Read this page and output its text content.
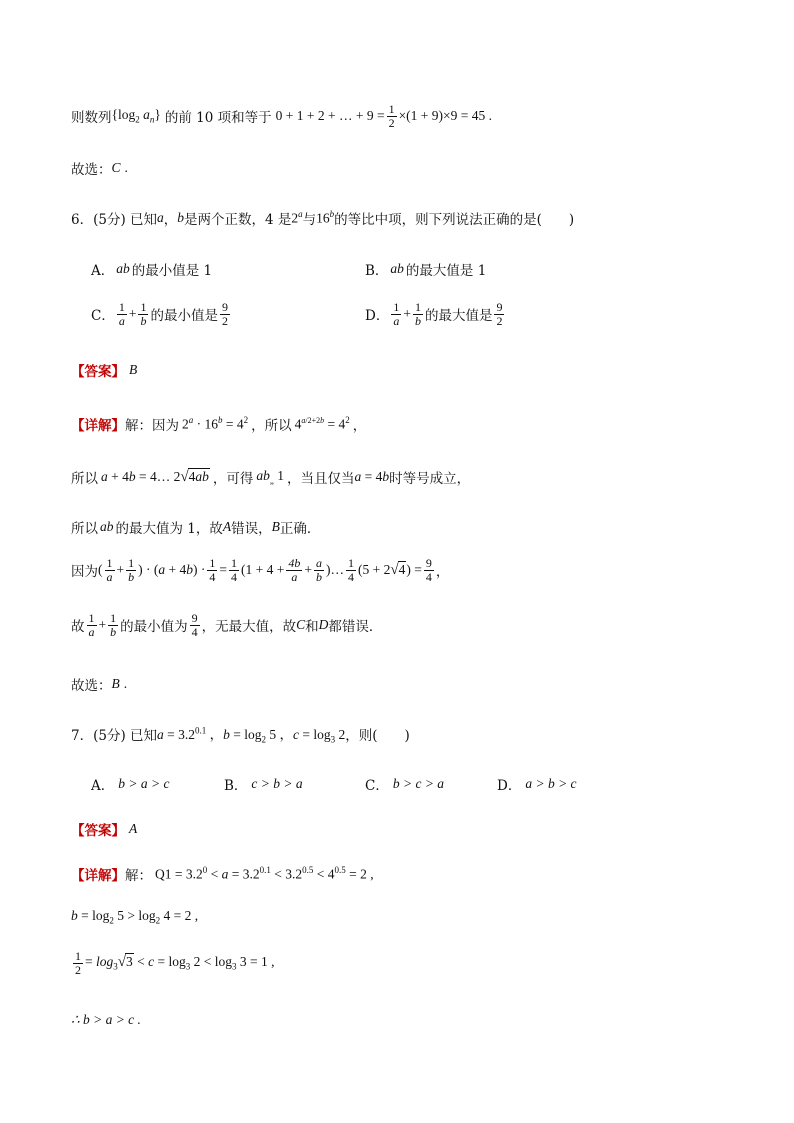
则数列 {$\log_2$ $a_n$} 的前 10 项和等于 0 + 1 + 2 + … + $9 = \frac{1}{2} \times(1 + 9)\times 9 = 45$ .
故选： C .
6．(5分) 已知 a ， b 是两个正数，4 是 2$^a$ 与 16$^b$ 的等比中项，则下列说法正确的是(　　)
A． ab 的最小值是 1	B． ab 的最大值是 1
C． $\frac{1}{a} + \frac{1}{b}$ 的最小值是 $\frac{9}{2}$	D． $\frac{1}{a} + \frac{1}{b}$ 的最大值是 $\frac{9}{2}$
【答案】 B
【详解】 解：因为 $2^a \cdot 16^b = 4^2$ ，所以 $4^{a/2+2b} = 4^2$ ，
所以 a + 4b = 4… 2√4ab ，可得 $ab_„$ 1 ，当且仅当 a = 4b 时等号成立，
所以 ab 的最大值为 1，故 A 错误， B 正确．
因为 ( $\frac{1}{a} + \frac{1}{b}$ ) · $(a + 4b) \cdot \frac{1}{4} = \frac{1}{4} (1 + 4 + \frac{4b}{a} + \frac{a}{b}$ )… $\frac{1}{4} (5 + 2√4) = \frac{9}{4}$ ，
故 $\frac{1}{a} + \frac{1}{b}$ 的最小值为 $\frac{9}{4}$ ，无最大值，故 C 和 D 都错误．
故选： B .
7．(5分) 已知 $a = 3.2^{0.1}$ ，$b = \log_2 5$ ，$c = \log_3 2$ ，则(　　)
A． b > a > c	B． c > b > a	C． b > c > a	D． a > b > c
【答案】 A
【详解】 解： $Q1 = 3.2^0 < a = 3.2^{0.1} < 3.2^{0.5} < 4^{0.5} = 2$ ,
$b = \log_2 5 > \log_2 4 = 2$ ,
$\frac{1}{2} = \log_3√3 < c = \log_3 2 < \log_3 3 = 1$ ,
∴ b > a > c .
